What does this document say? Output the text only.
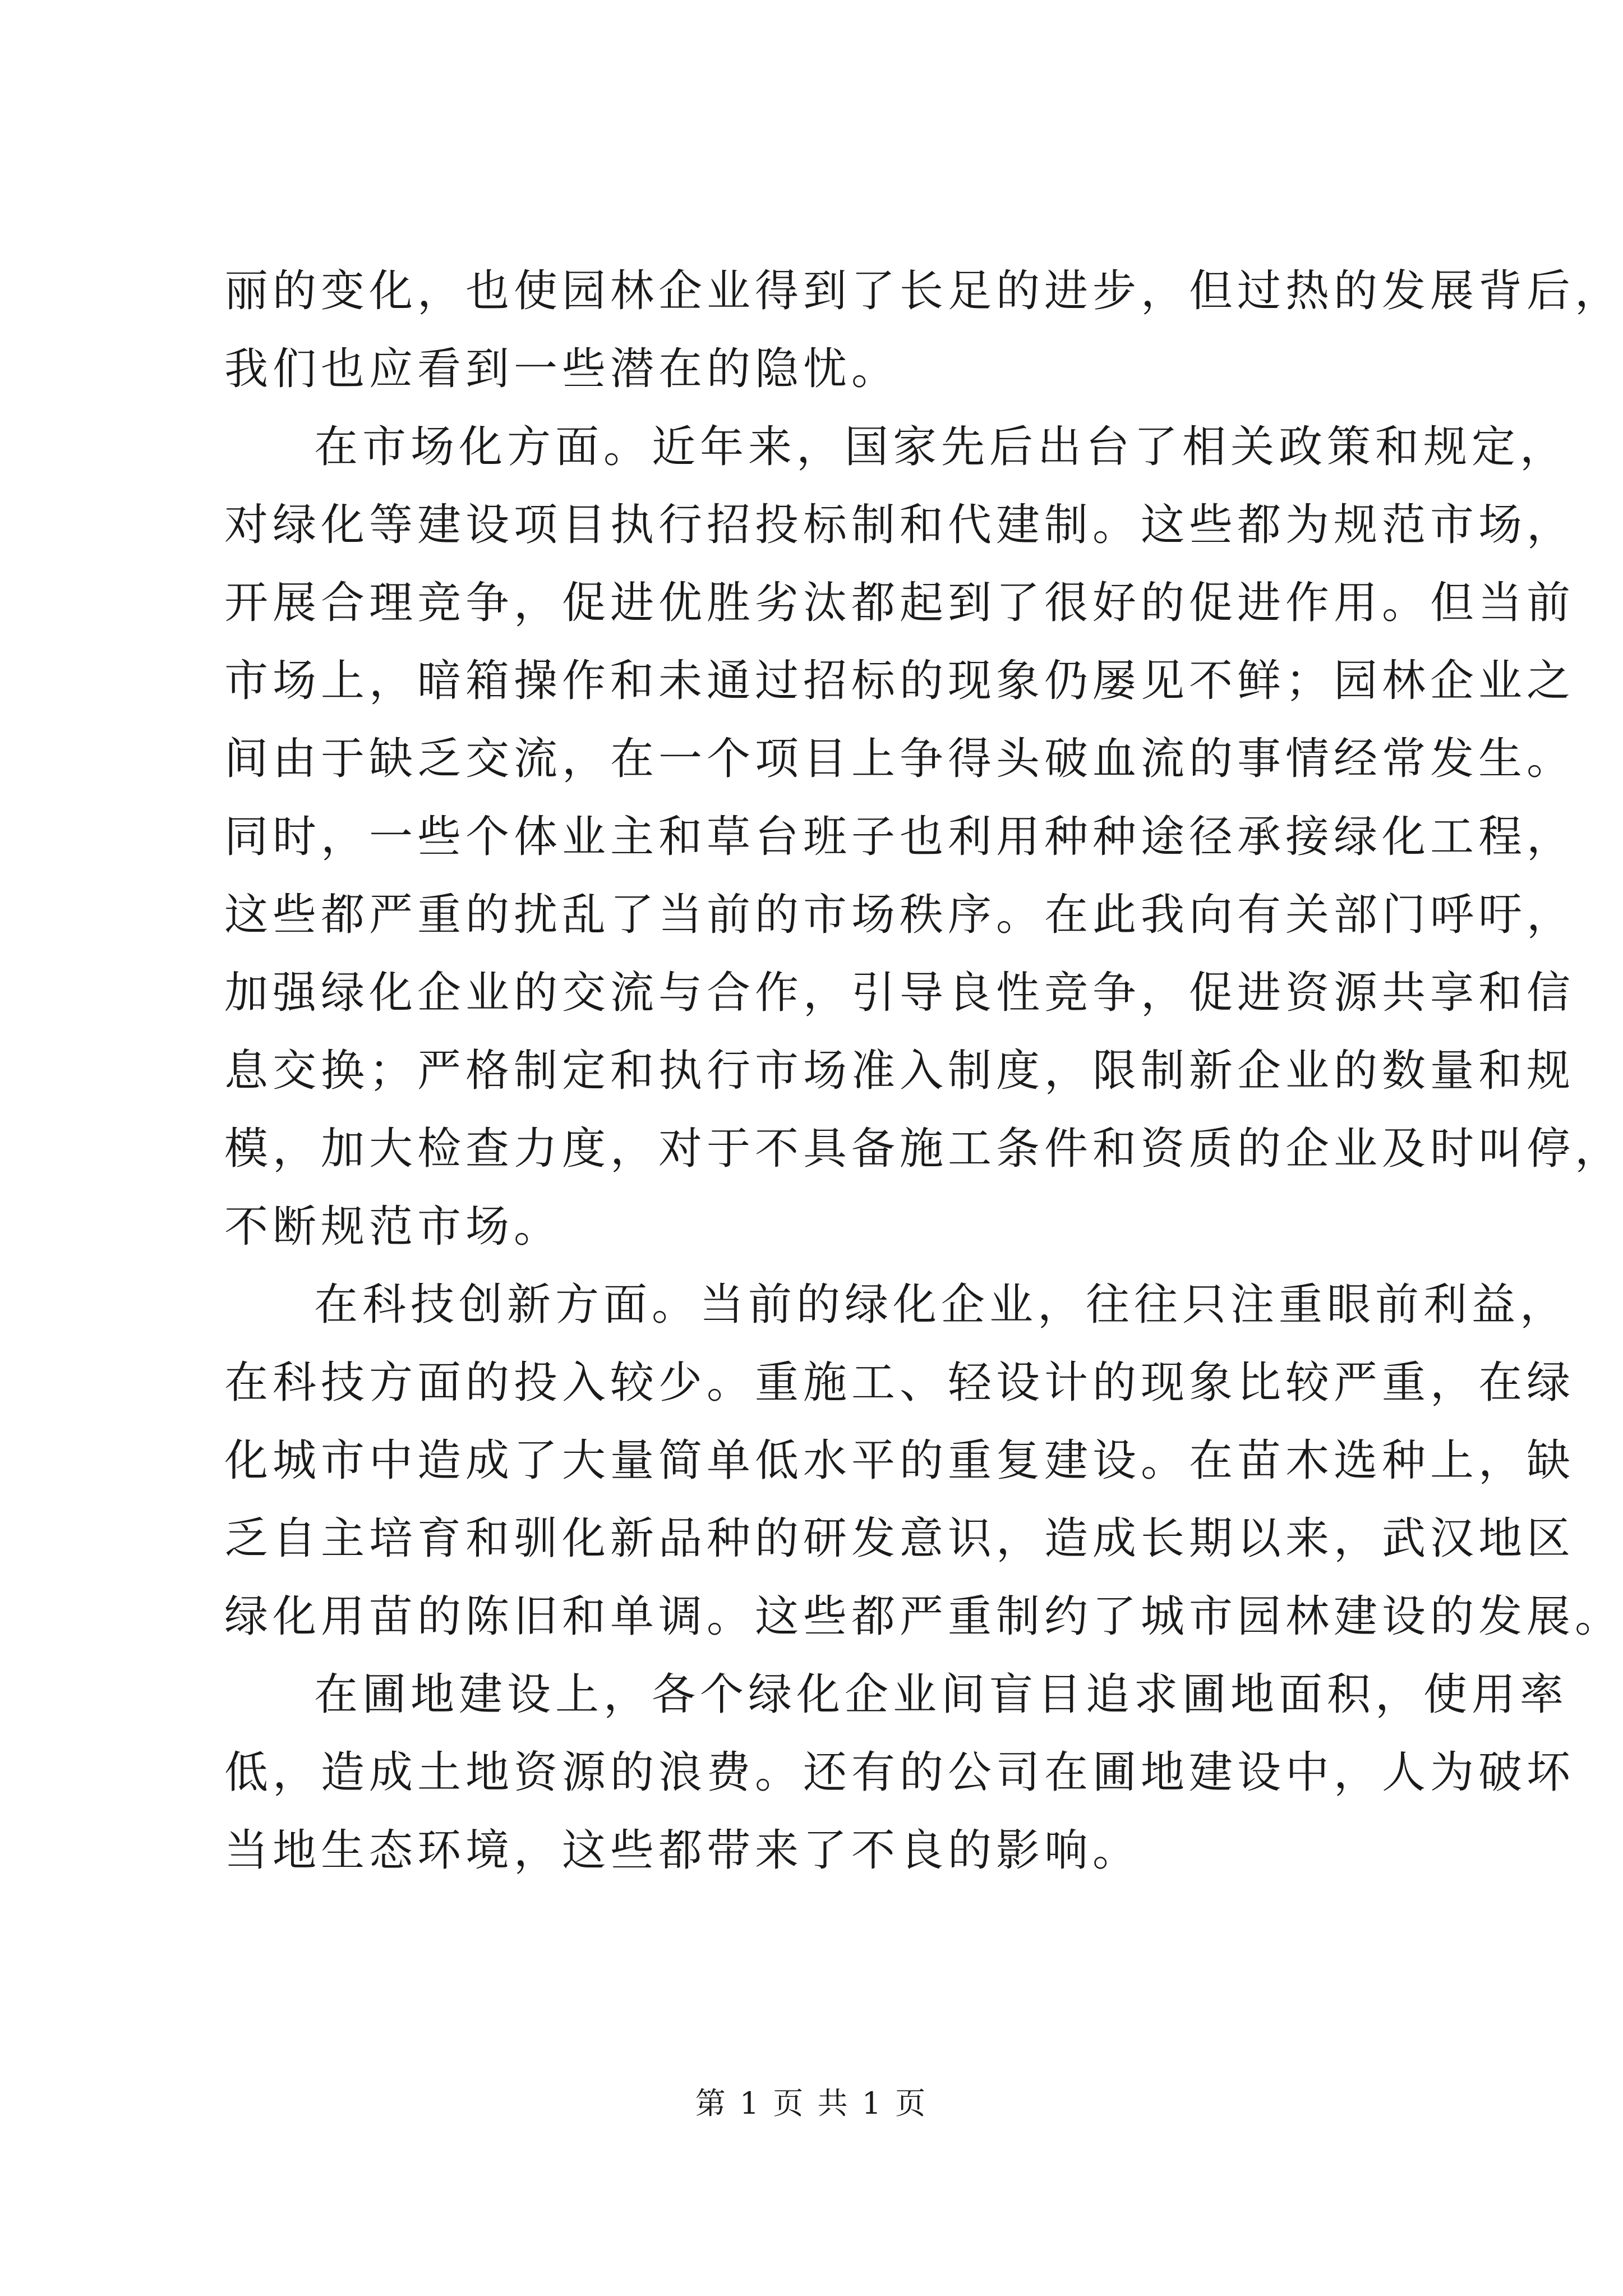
丽的变化，也使园林企业得到了长足的进步，但过热的发展背后，
我们也应看到一些潜在的隐忧。
在市场化方面。近年来，国家先后出台了相关政策和规定，
对绿化等建设项目执行招投标制和代建制。这些都为规范市场，
开展合理竞争，促进优胜劣汰都起到了很好的促进作用。但当前
市场上，暗箱操作和未通过招标的现象仍屡见不鲜；园林企业之
间由于缺乏交流，在一个项目上争得头破血流的事情经常发生。
同时，一些个体业主和草台班子也利用种种途径承接绿化工程，
这些都严重的扰乱了当前的市场秩序。在此我向有关部门呼吁，
加强绿化企业的交流与合作，引导良性竞争，促进资源共享和信
息交换；严格制定和执行市场准入制度，限制新企业的数量和规
模，加大检查力度，对于不具备施工条件和资质的企业及时叫停，
不断规范市场。
在科技创新方面。当前的绿化企业，往往只注重眼前利益，
在科技方面的投入较少。重施工、轻设计的现象比较严重，在绿
化城市中造成了大量简单低水平的重复建设。在苗木选种上，缺
乏自主培育和驯化新品种的研发意识，造成长期以来，武汉地区
绿化用苗的陈旧和单调。这些都严重制约了城市园林建设的发展。
在圃地建设上，各个绿化企业间盲目追求圃地面积，使用率
低，造成土地资源的浪费。还有的公司在圃地建设中，人为破坏
当地生态环境，这些都带来了不良的影响。
第 1 页 共 1 页
